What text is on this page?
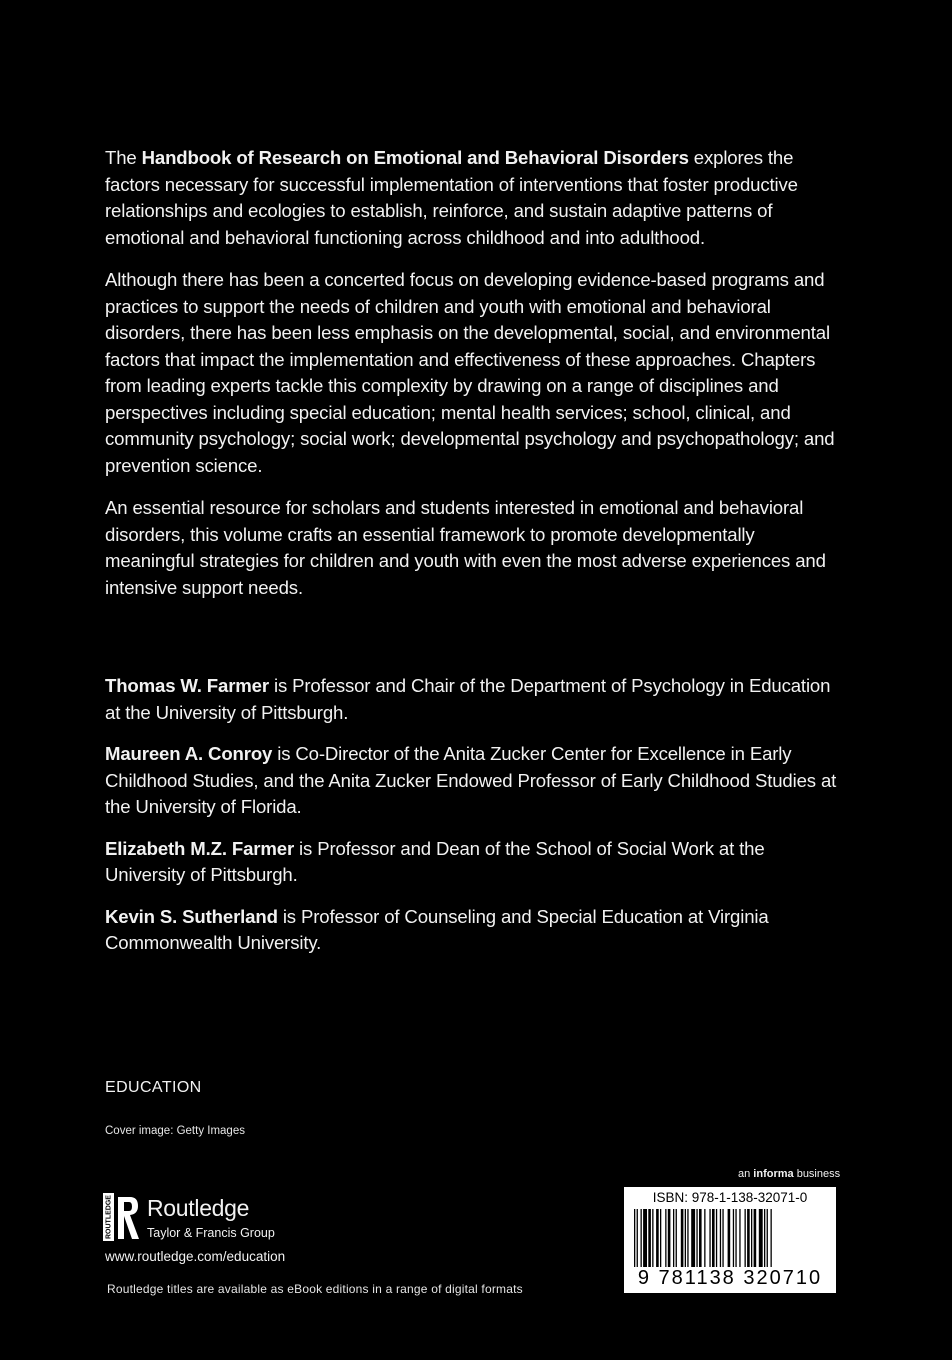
The Handbook of Research on Emotional and Behavioral Disorders explores the factors necessary for successful implementation of interventions that foster productive relationships and ecologies to establish, reinforce, and sustain adaptive patterns of emotional and behavioral functioning across childhood and into adulthood.

Although there has been a concerted focus on developing evidence-based programs and practices to support the needs of children and youth with emotional and behavioral disorders, there has been less emphasis on the developmental, social, and environmental factors that impact the implementation and effectiveness of these approaches. Chapters from leading experts tackle this complexity by drawing on a range of disciplines and perspectives including special education; mental health services; school, clinical, and community psychology; social work; developmental psychology and psychopathology; and prevention science.

An essential resource for scholars and students interested in emotional and behavioral disorders, this volume crafts an essential framework to promote developmentally meaningful strategies for children and youth with even the most adverse experiences and intensive support needs.

Thomas W. Farmer is Professor and Chair of the Department of Psychology in Education at the University of Pittsburgh.

Maureen A. Conroy is Co-Director of the Anita Zucker Center for Excellence in Early Childhood Studies, and the Anita Zucker Endowed Professor of Early Childhood Studies at the University of Florida.

Elizabeth M.Z. Farmer is Professor and Dean of the School of Social Work at the University of Pittsburgh.

Kevin S. Sutherland is Professor of Counseling and Special Education at Virginia Commonwealth University.

EDUCATION
Cover image: Getty Images
an informa business
ROUTLEDGE Routledge
Taylor & Francis Group
www.routledge.com/education
Routledge titles are available as eBook editions in a range of digital formats
ISBN: 978-1-138-32071-0
9 781138 320710
